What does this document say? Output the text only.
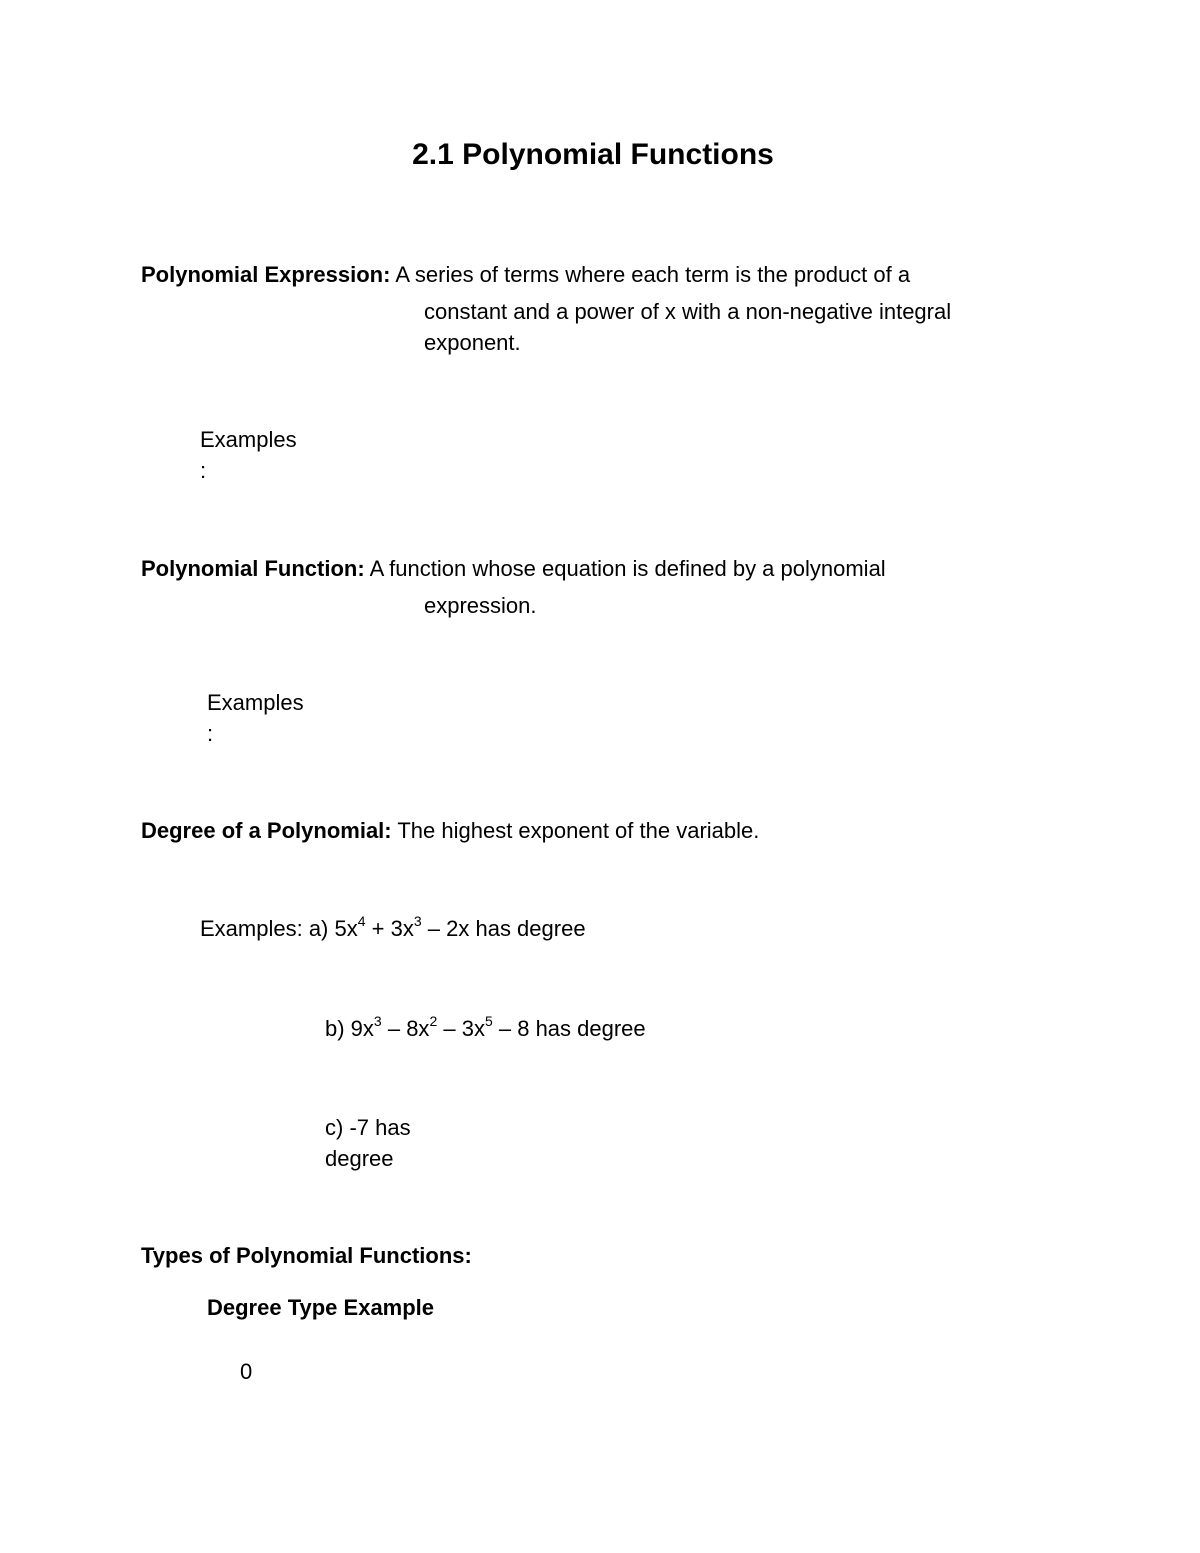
2.1 Polynomial Functions
Polynomial Expression: A series of terms where each term is the product of a
constant and a power of x with a non-negative integral
exponent.
Examples
:
Polynomial Function: A function whose equation is defined by a polynomial
expression.
Examples
:
Degree of a Polynomial: The highest exponent of the variable.
Examples: a) $5x^4 + 3x^3 - 2x$ has degree
b) $9x^3 - 8x^2 - 3x^5 - 8$ has degree
c) -7 has
degree
Types of Polynomial Functions:
Degree Type Example
0
